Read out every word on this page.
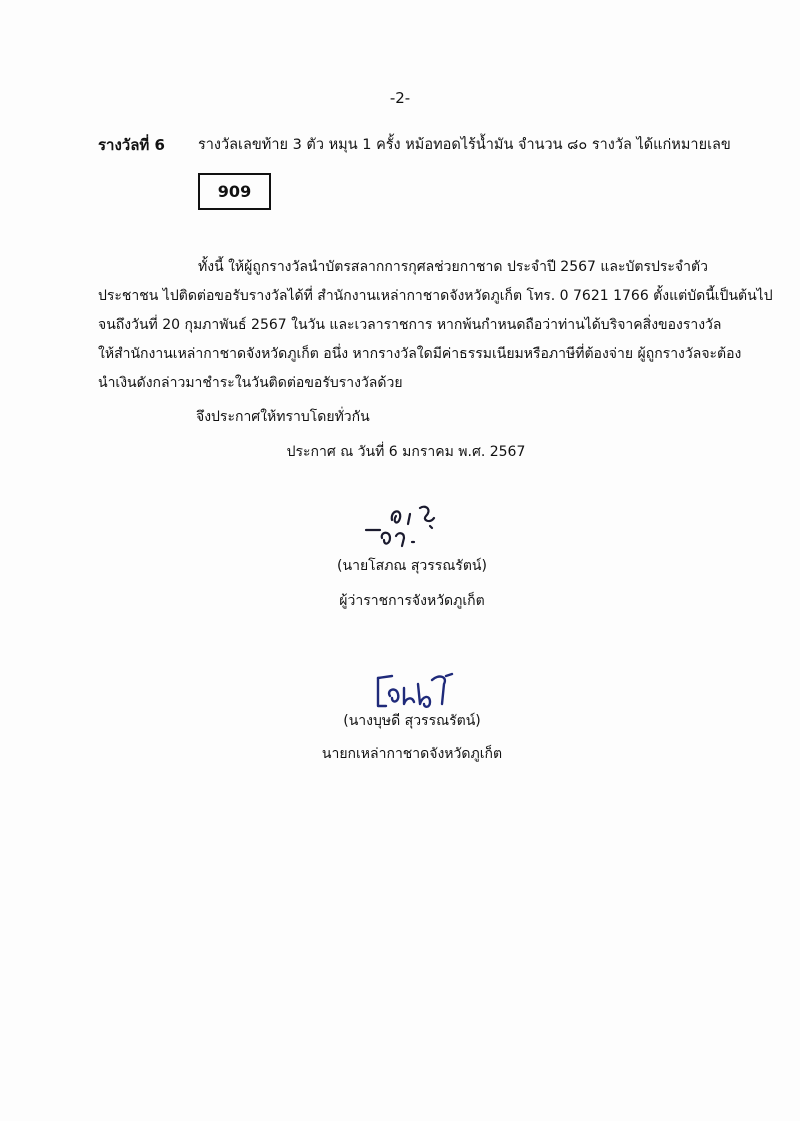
-2-
รางวัลที่ 6 รางวัลเลขท้าย 3 ตัว หมุน 1 ครั้ง หม้อทอดไร้น้ำมัน จำนวน ๘๐ รางวัล ได้แก่หมายเลข
909
ทั้งนี้ ให้ผู้ถูกรางวัลนำบัตรสลากการกุศลช่วยกาชาด ประจำปี 2567 และบัตรประจำตัว
ประชาชน ไปติดต่อขอรับรางวัลได้ที่ สำนักงานเหล่ากาชาดจังหวัดภูเก็ต โทร. 0 7621 1766 ตั้งแต่บัดนี้เป็นต้นไป
จนถึงวันที่ 20 กุมภาพันธ์ 2567 ในวัน และเวลาราชการ หากพ้นกำหนดถือว่าท่านได้บริจาคสิ่งของรางวัล
ให้สำนักงานเหล่ากาชาดจังหวัดภูเก็ต อนึ่ง หากรางวัลใดมีค่าธรรมเนียมหรือภาษีที่ต้องจ่าย ผู้ถูกรางวัลจะต้อง
นำเงินดังกล่าวมาชำระในวันติดต่อขอรับรางวัลด้วย
จึงประกาศให้ทราบโดยทั่วกัน
ประกาศ ณ วันที่ 6 มกราคม พ.ศ. 2567
(นายโสภณ สุวรรณรัตน์)
ผู้ว่าราชการจังหวัดภูเก็ต
(นางบุษดี สุวรรณรัตน์)
นายกเหล่ากาชาดจังหวัดภูเก็ต
